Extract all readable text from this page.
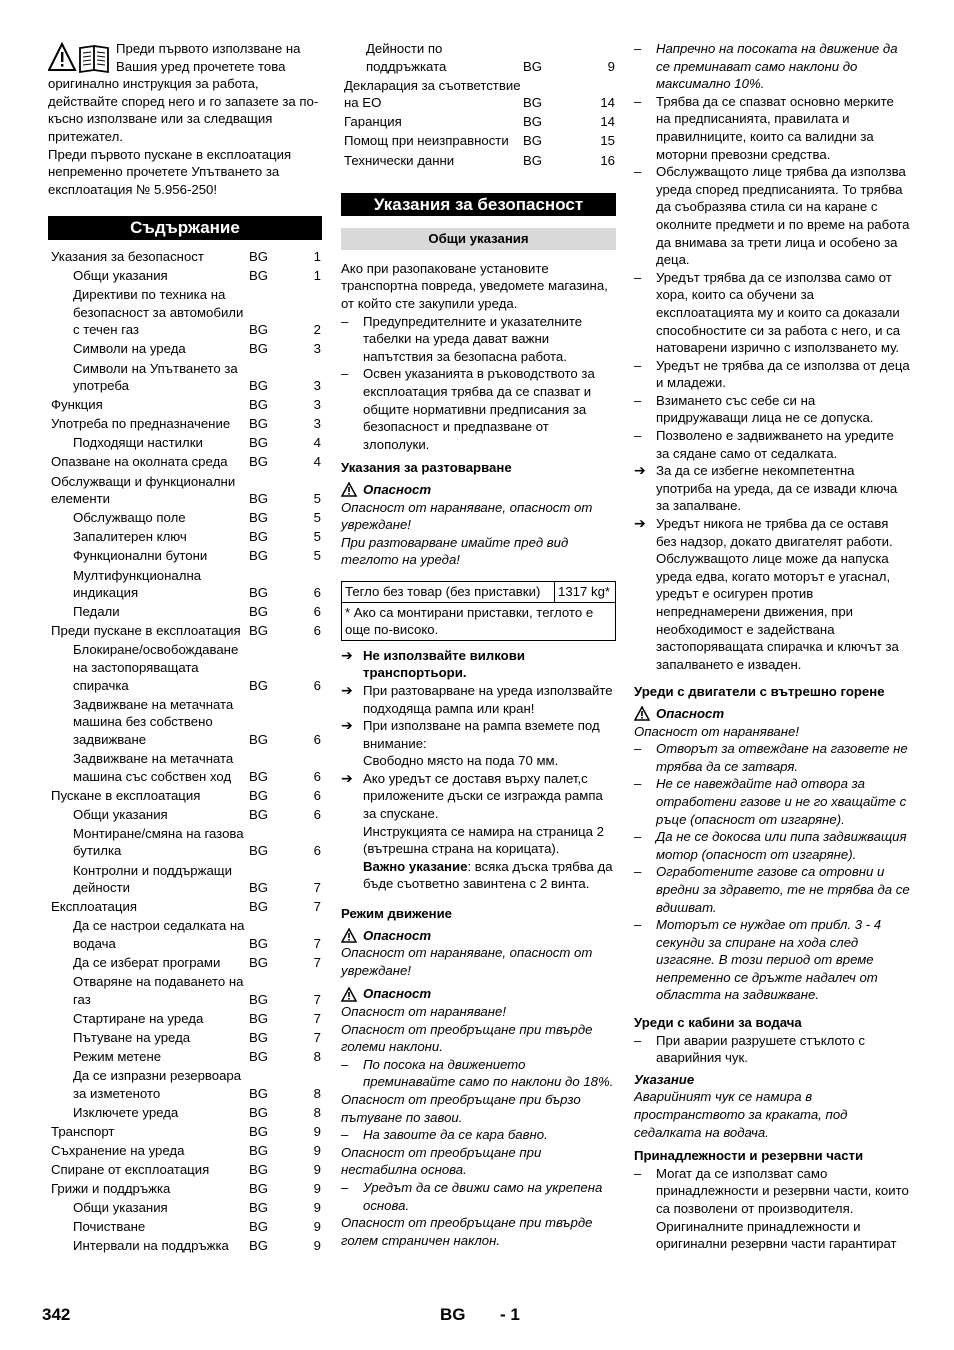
Преди първото използване на Вашия уред прочетете това оригинално инструкция за работа, действайте според него и го запазете за по-късно използване или за следващия притежател.

Преди първото пускане в експлоатация непременно прочетете Упътването за експлоатация № 5.956-250!

Съдържание
Указания за безопасност	BG	1
Общи указания	BG	1
Директиви по техника на безопасност за автомобили с течен газ	BG	2
Символи на уреда	BG	3
Символи на Упътването за употреба	BG	3
Функция	BG	3
Употреба по предназначение	BG	3
Подходящи настилки	BG	4
Опазване на околната среда	BG	4
Обслужващи и функционални елементи	BG	5
Обслужващо поле	BG	5
Запалитерен ключ	BG	5
Функционални бутони	BG	5
Мултифункционална индикация	BG	6
Педали	BG	6
Преди пускане в експлоатация BG	6
Блокиране/освобождаване на застопоряващата спирачка	BG	6
Задвижване на метачната машина без собствено задвижване	BG	6
Задвижване на метачната машина със собствен ход	BG	6
Пускане в експлоатация	BG	6
Общи указания	BG	6
Монтиране/смяна на газова бутилка	BG	6
Контролни и поддържащи дейности	BG	7
Експлоатация	BG	7
Да се настрои седалката на водача	BG	7
Да се изберат програми	BG	7
Отваряне на подаването на газ	BG	7
Стартиране на уреда	BG	7
Пътуване на уреда	BG	7
Режим метене	BG	8
Да се изпразни резервоара за изметеното	BG	8
Изключете уреда	BG	8
Транспорт	BG	9
Съхранение на уреда	BG	9
Спиране от експлоатация	BG	9
Грижи и поддръжка	BG	9
Общи указания	BG	9
Почистване	BG	9
Интервали на поддръжка	BG	9
Дейности по поддръжката	BG	9
Декларация за съответствие на ЕО	BG	14
Гаранция	BG	14
Помощ при неизправности	BG	15
Технически данни	BG	16
Указания за безопасност
Общи указания

Ако при разопаковане установите транспортна повреда, уведомете магазина, от който сте закупили уреда.

–	Предупредителните и указателните табелки на уреда дават важни напътствия за безопасна работа.
–	Освен указанията в ръководството за експлоатация трябва да се спазват и общите нормативни предписания за безопасност и предпазване от злополуки.
Указания за разтоварване
Опасност

Опасност от нараняване, опасност от увреждане!

При разтоварване имайте пред вид теглото на уреда!

Тегло без товар (без приставки)	1317 kg*
* Ако са монтирани приставки, теглото е още по-високо.
➔ Не използвайте вилкови транспортьори.
➔ При разтоварване на уреда използвайте подходяща рампа или кран!
➔ При използване на рампа вземете под внимание:

Свободно място на пода 70 мм.

➔ Ако уредът се доставя върху палет,с приложените дъски се изгражда рампа за спускане.

Инструкцията се намира на страница 2 (вътрешна страна на корицата).

Важно указание: всяка дъска трябва да бъде съответно завинтена с 2 винта.

Режим движение
Опасност

Опасност от нараняване, опасност от увреждане!

Опасност

Опасност от нараняване!

Опасност от преобръщане при твърде големи наклони.

–	По посока на движението преминавайте само по наклони до 18%.

Опасност от преобръщане при бързо пътуване по завои.

–	На завоите да се кара бавно.

Опасност от преобръщане при нестабилна основа.

–	Уредът да се движи само на укрепена основа.

Опасност от преобръщане при твърде голем страничен наклон.

–	Напречно на посоката на движение да се преминават само наклони до максимално 10%.
–	Трябва да се спазват основно мерките на предписанията, правилата и правилниците, които са валидни за моторни превозни средства.
–	Обслужващото лице трябва да използва уреда според предписанията. То трябва да съобразява стила си на каране с околните предмети и по време на работа да внимава за трети лица и особено за деца.
–	Уредът трябва да се използва само от хора, които са обучени за експлоатацията му и които са доказали способностите си за работа с него, и са натоварени изрично с използването му.
–	Уредът не трябва да се използва от деца и младежи.
–	Взимането със себе си на придружаващи лица не се допуска.
–	Позволено е задвижването на уредите за сядане само от седалката.
➔ За да се избегне некомпетентна употриба на уреда, да се извади ключа за запалване.
➔ Уредът никога не трябва да се оставя без надзор, докато двигателят работи. Обслужващото лице може да напуска уреда едва, когато моторът е угаснал, уредът е осигурен против непреднамерени движения, при необходимост е задействана застопоряващата спирачка и ключът за запалването е изваден.
Уреди с двигатели с вътрешно горене
Опасност

Опасност от нараняване!

–	Отворът за отвеждане на газовете не трябва да се затваря.
–	Не се навеждайте над отвора за отработени газове и не го хващайте с ръце (опасност от изгаряне).
–	Да не се докосва или пипа задвижващия мотор (опасност от изгаряне).
–	Огработените газове са отровни и вредни за здравето, те не трябва да се вдишват.
–	Моторът се нуждае от прибл. 3 - 4 секунди за спиране на хода след изгасяне. В този период от време непременно се дръжте надалеч от областта на задвижване.
Уреди с кабини за водача
–	При аварии разрушете стъклото с аварийния чук.

Указание

Аварийният чук се намира в пространството за краката, под седалката на водача.

Принадлежности и резервни части
–	Могат да се използват само принадлежности и резервни части, които са позволени от производителя. Оригиналните принадлежности и оригинални резервни части гарантират
342	BG - 1
